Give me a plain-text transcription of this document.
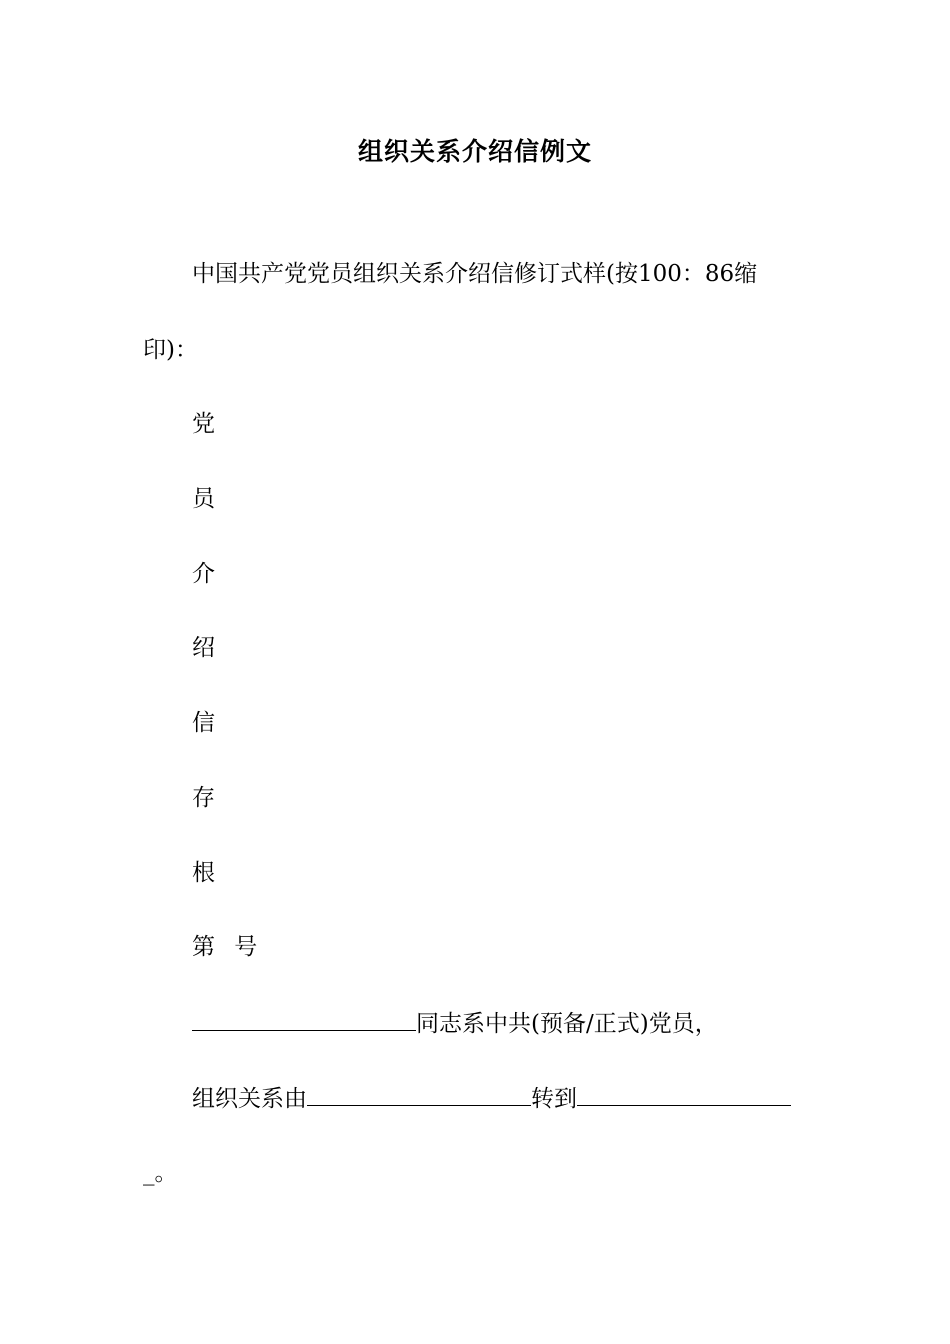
组织关系介绍信例文
中国共产党党员组织关系介绍信修订式样(按100：86缩
印)：
党
员
介
绍
信
存
根
第 号
同志系中共(预备/正式)党员，
组织关系由	转到
_。
